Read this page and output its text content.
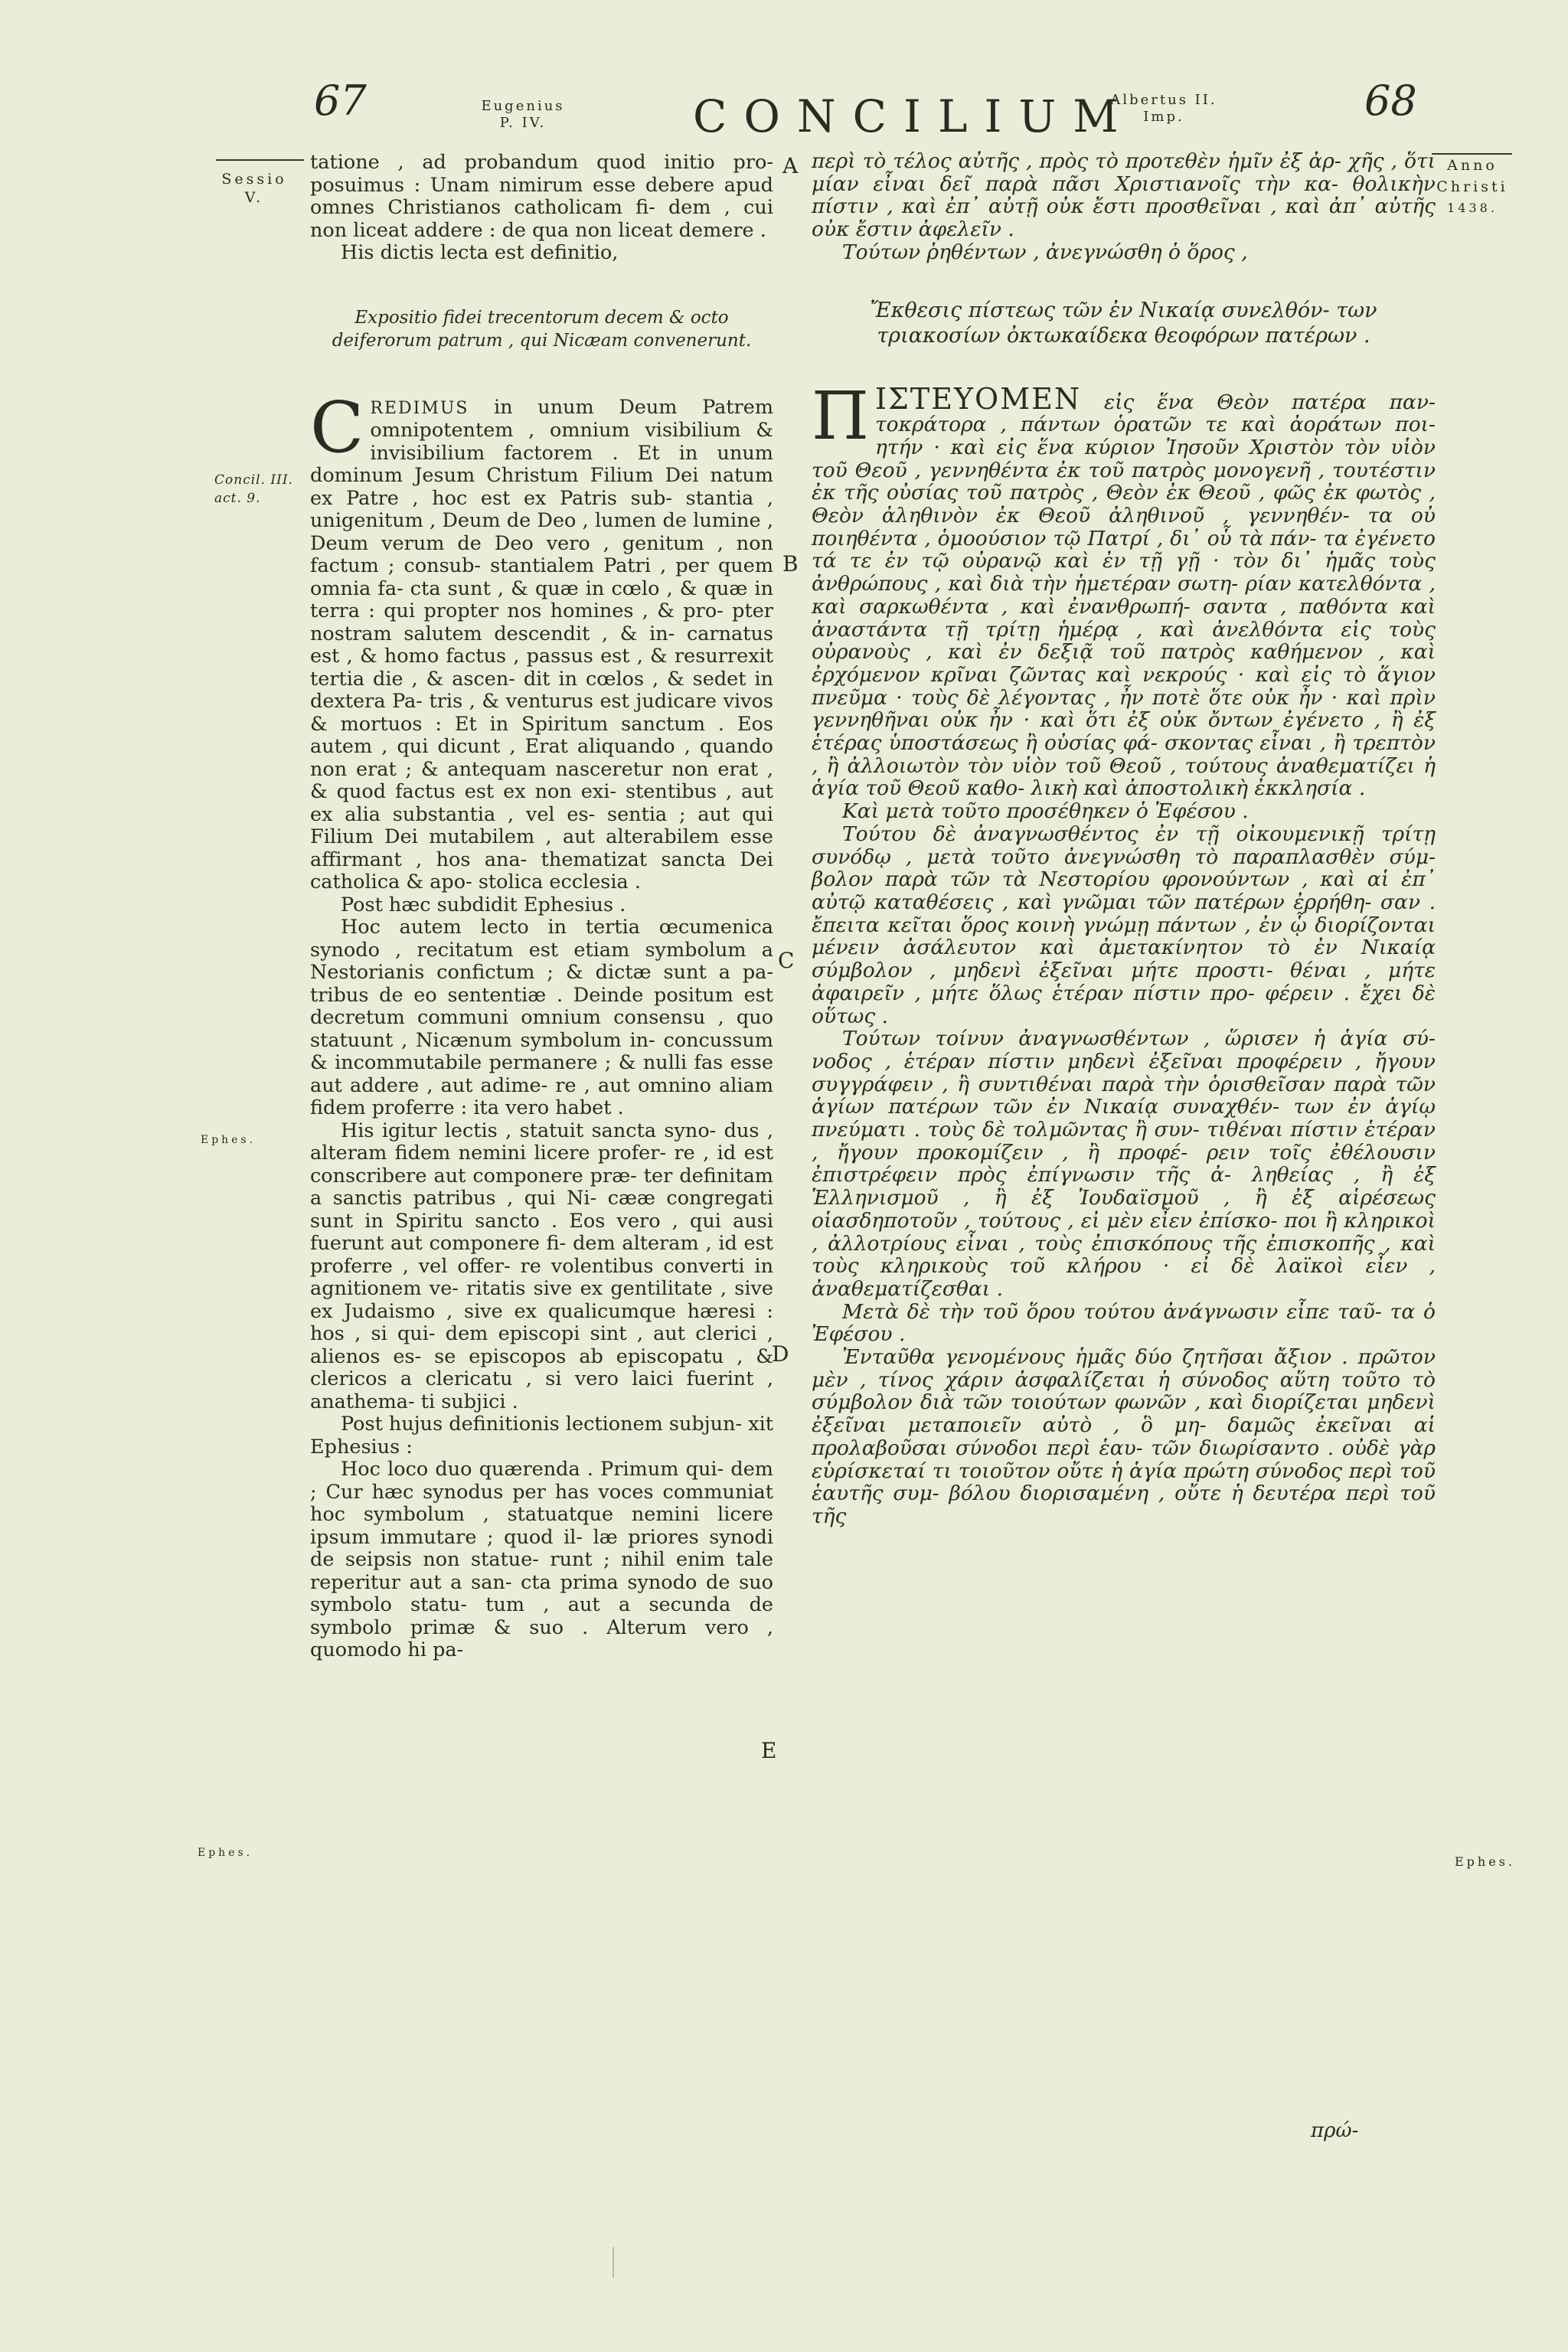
67	Eugenius
P. IV.	CONCILIUM
Albertus II.
Imp.	68
Sessio
V.
Concil. III.
act. 9.
Ephes.
Ephes.
Anno
Christi
1438.
Ephes.
A
B
C
D
E

tatione , ad probandum quod initio pro- posuimus : Unam nimirum esse debere apud omnes Christianos catholicam fi- dem , cui non liceat addere : de qua non liceat demere .

His dictis lecta est definitio,

Expositio fidei trecentorum decem & octo deiferorum patrum , qui Nicæam convenerunt.

CREDIMUS in unum Deum Patrem omnipotentem , omnium visibilium & invisibilium factorem . Et in unum dominum Jesum Christum Filium Dei natum ex Patre , hoc est ex Patris sub- stantia , unigenitum , Deum de Deo , lumen de lumine , Deum verum de Deo vero , genitum , non factum ; consub- stantialem Patri , per quem omnia fa- cta sunt , & quæ in cœlo , & quæ in terra : qui propter nos homines , & pro- pter nostram salutem descendit , & in- carnatus est , & homo factus , passus est , & resurrexit tertia die , & ascen- dit in cœlos , & sedet in dextera Pa- tris , & venturus est judicare vivos & mortuos : Et in Spiritum sanctum . Eos autem , qui dicunt , Erat aliquando , quando non erat ; & antequam nasceretur non erat , & quod factus est ex non exi- stentibus , aut ex alia substantia , vel es- sentia ; aut qui Filium Dei mutabilem , aut alterabilem esse affirmant , hos ana- thematizat sancta Dei catholica & apo- stolica ecclesia .

Post hæc subdidit Ephesius .

Hoc autem lecto in tertia œcumenica synodo , recitatum est etiam symbolum a Nestorianis confictum ; & dictæ sunt a pa- tribus de eo sententiæ . Deinde positum est decretum communi omnium consensu , quo statuunt , Nicænum symbolum in- concussum & incommutabile permanere ; & nulli fas esse aut addere , aut adime- re , aut omnino aliam fidem proferre : ita vero habet .

His igitur lectis , statuit sancta syno- dus , alteram fidem nemini licere profer- re , id est conscribere aut componere præ- ter definitam a sanctis patribus , qui Ni- cææ congregati sunt in Spiritu sancto . Eos vero , qui ausi fuerunt aut componere fi- dem alteram , id est proferre , vel offer- re volentibus converti in agnitionem ve- ritatis sive ex gentilitate , sive ex Judaismo , sive ex qualicumque hæresi : hos , si qui- dem episcopi sint , aut clerici , alienos es- se episcopos ab episcopatu , & clericos a clericatu , si vero laici fuerint , anathema- ti subjici .

Post hujus definitionis lectionem subjun- xit Ephesius :

Hoc loco duo quærenda . Primum qui- dem ; Cur hæc synodus per has voces communiat hoc symbolum , statuatque nemini licere ipsum immutare ; quod il- læ priores synodi de seipsis non statue- runt ; nihil enim tale reperitur aut a san- cta prima synodo de suo symbolo statu- tum , aut a secunda de symbolo primæ & suo . Alterum vero , quomodo hi pa-

περὶ τὸ τέλος αὐτῆς , πρὸς τὸ προτεθὲν ἡμῖν ἐξ ἀρ- χῆς , ὅτι μίαν εἶναι δεῖ παρὰ πᾶσι Χριστιανοῖς τὴν κα- θολικὴν πίστιν , καὶ ἐπ᾽ αὐτῇ οὐκ ἔστι προσθεῖναι , καὶ ἀπ᾽ αὐτῆς οὐκ ἔστιν ἀφελεῖν .

Τούτων ῥηθέντων , ἀνεγνώσθη ὁ ὅρος ,

Ἔκθεσις πίστεως τῶν ἐν Νικαίᾳ συνελθόν- των τριακοσίων ὀκτωκαίδεκα θεοφόρων πατέρων .

ΠΙΣΤΕΥΟΜΕΝ εἰς ἕνα Θεὸν πατέρα παν- τοκράτορα , πάντων ὁρατῶν τε καὶ ἀοράτων ποι- ητήν · καὶ εἰς ἕνα κύριον Ἰησοῦν Χριστὸν τὸν υἱὸν τοῦ Θεοῦ , γεννηθέντα ἐκ τοῦ πατρὸς μονογενῆ , τουτέστιν ἐκ τῆς οὐσίας τοῦ πατρὸς , Θεὸν ἐκ Θεοῦ , φῶς ἐκ φωτὸς , Θεὸν ἀληθινὸν ἐκ Θεοῦ ἀληθινοῦ , γεννηθέν- τα οὐ ποιηθέντα , ὁμοούσιον τῷ Πατρί , δι᾽ οὗ τὰ πάν- τα ἐγένετο τά τε ἐν τῷ οὐρανῷ καὶ ἐν τῇ γῇ · τὸν δι᾽ ἡμᾶς τοὺς ἀνθρώπους , καὶ διὰ τὴν ἡμετέραν σωτη- ρίαν κατελθόντα , καὶ σαρκωθέντα , καὶ ἐνανθρωπή- σαντα , παθόντα καὶ ἀναστάντα τῇ τρίτῃ ἡμέρᾳ , καὶ ἀνελθόντα εἰς τοὺς οὐρανοὺς , καὶ ἐν δεξιᾷ τοῦ πατρὸς καθήμενον , καὶ ἐρχόμενον κρῖναι ζῶντας καὶ νεκρούς · καὶ εἰς τὸ ἅγιον πνεῦμα · τοὺς δὲ λέγοντας , ἦν ποτὲ ὅτε οὐκ ἦν · καὶ πρὶν γεννηθῆναι οὐκ ἦν · καὶ ὅτι ἐξ οὐκ ὄντων ἐγένετο , ἢ ἐξ ἑτέρας ὑποστάσεως ἢ οὐσίας φά- σκοντας εἶναι , ἢ τρεπτὸν , ἢ ἀλλοιωτὸν τὸν υἱὸν τοῦ Θεοῦ , τούτους ἀναθεματίζει ἡ ἁγία τοῦ Θεοῦ καθο- λικὴ καὶ ἀποστολικὴ ἐκκλησία .

Καὶ μετὰ τοῦτο προσέθηκεν ὁ Ἐφέσου .

Τούτου δὲ ἀναγνωσθέντος ἐν τῇ οἰκουμενικῇ τρίτῃ συνόδῳ , μετὰ τοῦτο ἀνεγνώσθη τὸ παραπλασθὲν σύμ- βολον παρὰ τῶν τὰ Νεστορίου φρονούντων , καὶ αἱ ἐπ᾽ αὐτῷ καταθέσεις , καὶ γνῶμαι τῶν πατέρων ἐρρήθη- σαν . ἔπειτα κεῖται ὅρος κοινὴ γνώμῃ πάντων , ἐν ᾧ διορίζονται μένειν ἀσάλευτον καὶ ἀμετακίνητον τὸ ἐν Νικαίᾳ σύμβολον , μηδενὶ ἐξεῖναι μήτε προστι- θέναι , μήτε ἀφαιρεῖν , μήτε ὅλως ἑτέραν πίστιν προ- φέρειν . ἔχει δὲ οὕτως .

Τούτων τοίνυν ἀναγνωσθέντων , ὥρισεν ἡ ἁγία σύ- νοδος , ἑτέραν πίστιν μηδενὶ ἐξεῖναι προφέρειν , ἤγουν συγγράφειν , ἢ συντιθέναι παρὰ τὴν ὁρισθεῖσαν παρὰ τῶν ἁγίων πατέρων τῶν ἐν Νικαίᾳ συναχθέν- των ἐν ἁγίῳ πνεύματι . τοὺς δὲ τολμῶντας ἢ συν- τιθέναι πίστιν ἑτέραν , ἤγουν προκομίζειν , ἢ προφέ- ρειν τοῖς ἐθέλουσιν ἐπιστρέφειν πρὸς ἐπίγνωσιν τῆς ἀ- ληθείας , ἢ ἐξ Ἑλληνισμοῦ , ἢ ἐξ Ἰουδαϊσμοῦ , ἢ ἐξ αἱρέσεως οἱασδηποτοῦν , τούτους , εἰ μὲν εἶεν ἐπίσκο- ποι ἢ κληρικοὶ , ἀλλοτρίους εἶναι , τοὺς ἐπισκόπους τῆς ἐπισκοπῆς , καὶ τοὺς κληρικοὺς τοῦ κλήρου · εἰ δὲ λαϊκοὶ εἶεν , ἀναθεματίζεσθαι .

Μετὰ δὲ τὴν τοῦ ὅρου τούτου ἀνάγνωσιν εἶπε ταῦ- τα ὁ Ἐφέσου .

Ἐνταῦθα γενομένους ἡμᾶς δύο ζητῆσαι ἄξιον . πρῶτον μὲν , τίνος χάριν ἀσφαλίζεται ἡ σύνοδος αὕτη τοῦτο τὸ σύμβολον διὰ τῶν τοιούτων φωνῶν , καὶ διορίζεται μηδενὶ ἐξεῖναι μεταποιεῖν αὐτὸ , ὃ μη- δαμῶς ἐκεῖναι αἱ προλαβοῦσαι σύνοδοι περὶ ἑαυ- τῶν διωρίσαντο . οὐδὲ γὰρ εὑρίσκεταί τι τοιοῦτον οὔτε ἡ ἁγία πρώτη σύνοδος περὶ τοῦ ἑαυτῆς συμ- βόλου διορισαμένη , οὔτε ἡ δευτέρα περὶ τοῦ τῆς

πρώ-
